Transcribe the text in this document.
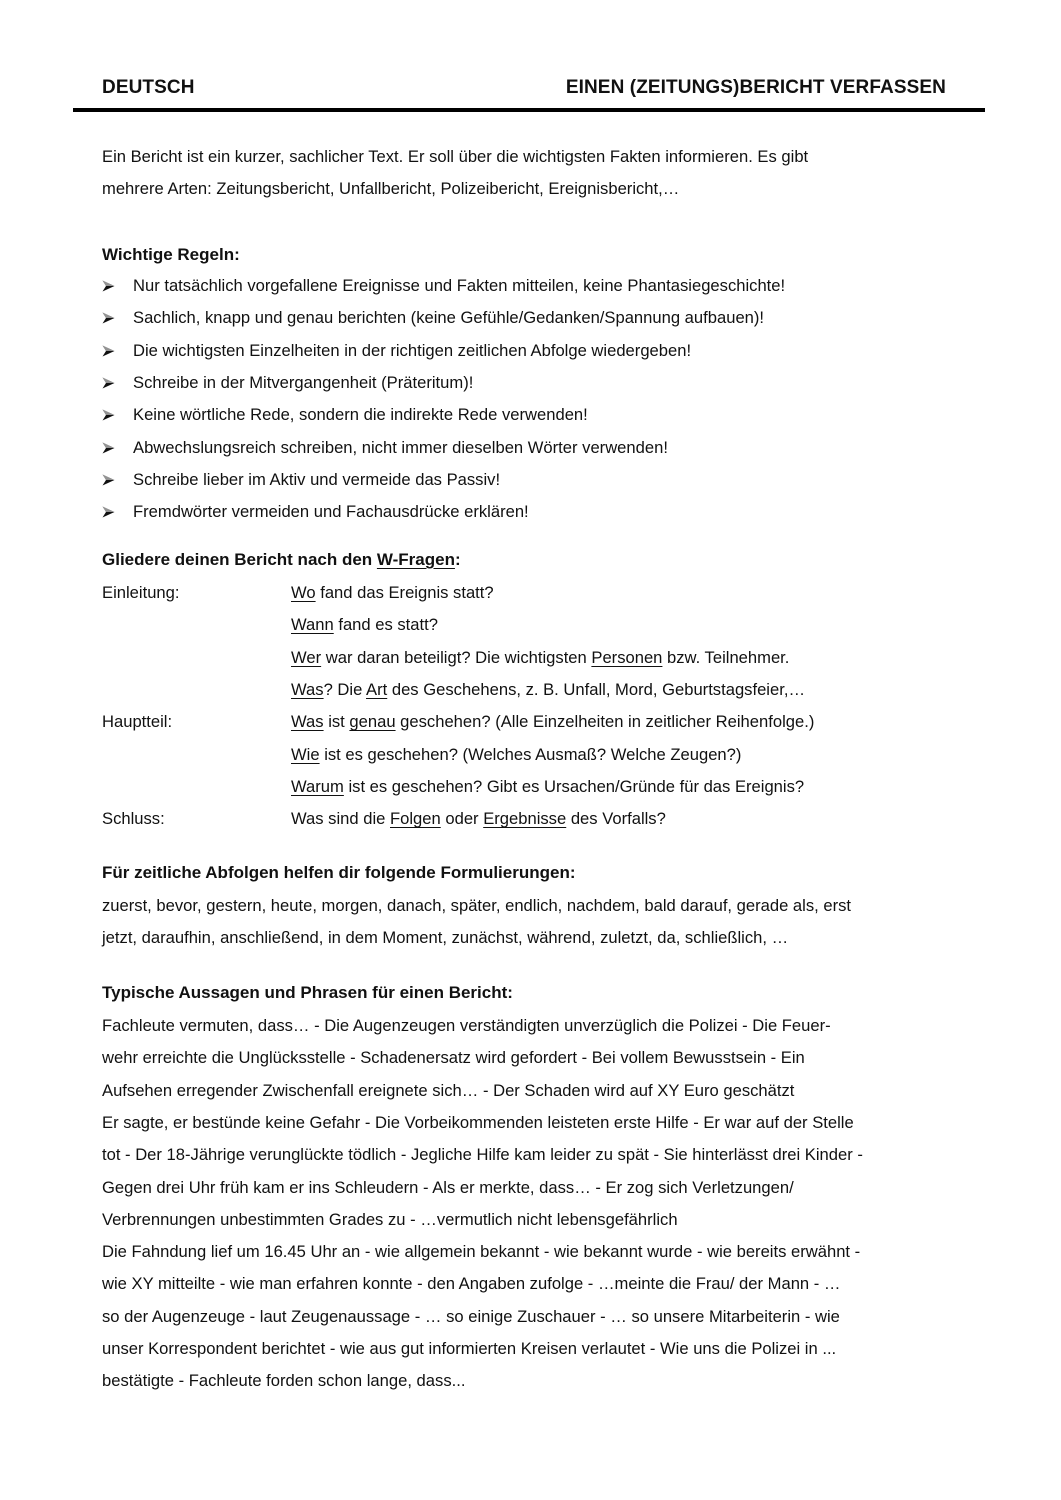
DEUTSCH	EINEN (ZEITUNGS)BERICHT VERFASSEN
Ein Bericht ist ein kurzer, sachlicher Text. Er soll über die wichtigsten Fakten informieren. Es gibt
mehrere Arten: Zeitungsbericht, Unfallbericht, Polizeibericht, Ereignisbericht,…
Wichtige Regeln:
Nur tatsächlich vorgefallene Ereignisse und Fakten mitteilen, keine Phantasiegeschichte!
Sachlich, knapp und genau berichten (keine Gefühle/Gedanken/Spannung aufbauen)!
Die wichtigsten Einzelheiten in der richtigen zeitlichen Abfolge wiedergeben!
Schreibe in der Mitvergangenheit (Präteritum)!
Keine wörtliche Rede, sondern die indirekte Rede verwenden!
Abwechslungsreich schreiben, nicht immer dieselben Wörter verwenden!
Schreibe lieber im Aktiv und vermeide das Passiv!
Fremdwörter vermeiden und Fachausdrücke erklären!
Gliedere deinen Bericht nach den W-Fragen:
Einleitung:	Wo fand das Ereignis statt?
Wann fand es statt?
Wer war daran beteiligt? Die wichtigsten Personen bzw. Teilnehmer.
Was? Die Art des Geschehens, z. B. Unfall, Mord, Geburtstagsfeier,…
Hauptteil:	Was ist genau geschehen? (Alle Einzelheiten in zeitlicher Reihenfolge.)
Wie ist es geschehen? (Welches Ausmaß? Welche Zeugen?)
Warum ist es geschehen? Gibt es Ursachen/Gründe für das Ereignis?
Schluss:	Was sind die Folgen oder Ergebnisse des Vorfalls?
Für zeitliche Abfolgen helfen dir folgende Formulierungen:
zuerst, bevor, gestern, heute, morgen, danach, später, endlich, nachdem, bald darauf, gerade als, erst
jetzt, daraufhin, anschließend, in dem Moment, zunächst, während, zuletzt, da, schließlich, …
Typische Aussagen und Phrasen für einen Bericht:
Fachleute vermuten, dass… - Die Augenzeugen verständigten unverzüglich die Polizei - Die Feuer-
wehr erreichte die Unglücksstelle - Schadenersatz wird gefordert - Bei vollem Bewusstsein - Ein
Aufsehen erregender Zwischenfall ereignete sich… - Der Schaden wird auf XY Euro geschätzt
Er sagte, er bestünde keine Gefahr - Die Vorbeikommenden leisteten erste Hilfe - Er war auf der Stelle
tot - Der 18-Jährige verunglückte tödlich - Jegliche Hilfe kam leider zu spät - Sie hinterlässt drei Kinder -
Gegen drei Uhr früh kam er ins Schleudern - Als er merkte, dass… - Er zog sich Verletzungen/
Verbrennungen unbestimmten Grades zu - …vermutlich nicht lebensgefährlich
Die Fahndung lief um 16.45 Uhr an - wie allgemein bekannt - wie bekannt wurde - wie bereits erwähnt -
wie XY mitteilte - wie man erfahren konnte - den Angaben zufolge - …meinte die Frau/ der Mann - …
so der Augenzeuge - laut Zeugenaussage - … so einige Zuschauer - … so unsere Mitarbeiterin - wie
unser Korrespondent berichtet - wie aus gut informierten Kreisen verlautet - Wie uns die Polizei in ...
bestätigte - Fachleute forden schon lange, dass...
